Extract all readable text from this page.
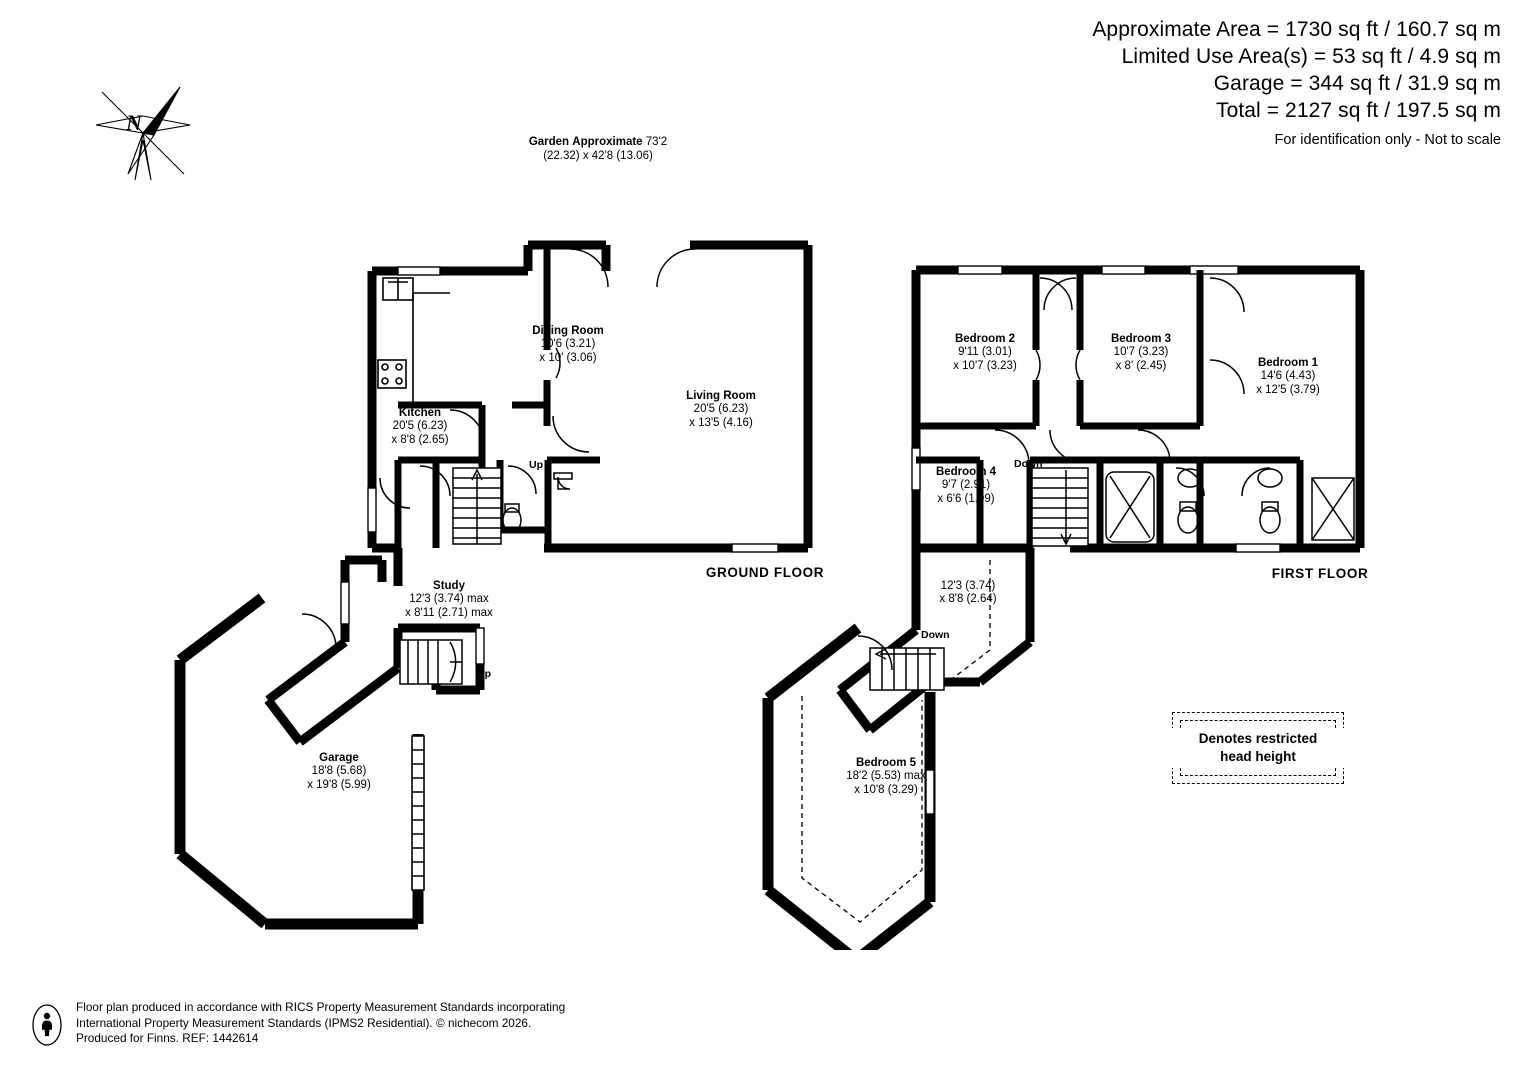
Approximate Area = 1730 sq ft / 160.7 sq m
Limited Use Area(s) = 53 sq ft / 4.9 sq m
Garage = 344 sq ft / 31.9 sq m
Total = 2127 sq ft / 197.5 sq m
For identification only - Not to scale
N
Garden Approximate 73'2 (22.32) x 42'8 (13.06)
Dining Room
10'6 (3.21)
x 10' (3.06)
Living Room
20'5 (6.23)
x 13'5 (4.16)
Kitchen
20'5 (6.23)
x 8'8 (2.65)
Study
12'3 (3.74) max
x 8'11 (2.71) max
Garage
18'8 (5.68)
x 19'8 (5.99)
Up
Up
GROUND FLOOR
Bedroom 2
9'11 (3.01)
x 10'7 (3.23)
Bedroom 3
10'7 (3.23)
x 8' (2.45)	Bedroom 1
14'6 (4.43)
x 12'5 (3.79)
Bedroom 4
9'7 (2.91)
x 6'6 (1.99)
12'3 (3.74)
x 8'8 (2.64)
Bedroom 5
18'2 (5.53) max
x 10'8 (3.29)
Down
Down
FIRST FLOOR
Denotes restricted
head height
Floor plan produced in accordance with RICS Property Measurement Standards incorporating
International Property Measurement Standards (IPMS2 Residential). © nichecom 2026.
Produced for Finns. REF: 1442614
